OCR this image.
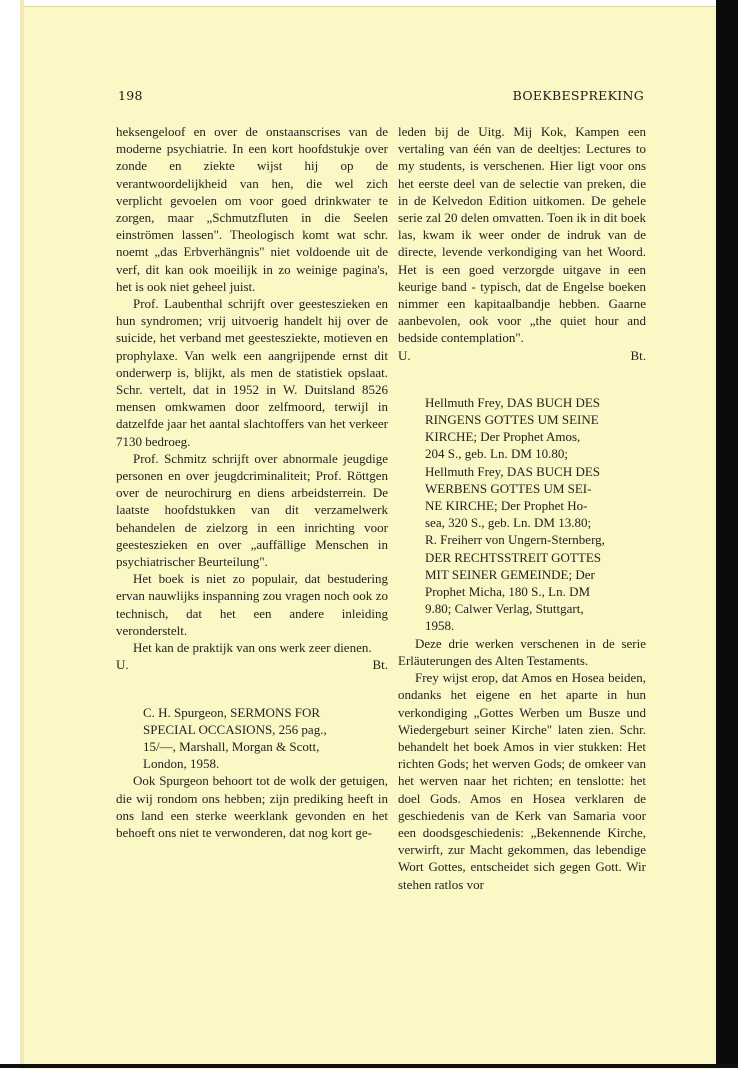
198	BOEKBESPREKING

heksengeloof en over de onstaanscrises van de moderne psychiatrie. In een kort hoofdstukje over zonde en ziekte wijst hij op de verantwoordelijkheid van hen, die wel zich verplicht gevoelen om voor goed drinkwater te zorgen, maar „Schmutzfluten in die Seelen einströmen lassen". Theologisch komt wat schr. noemt „das Erbverhängnis" niet voldoende uit de verf, dit kan ook moeilijk in zo weinige pagina's, het is ook niet geheel juist.

Prof. Laubenthal schrijft over geesteszieken en hun syndromen; vrij uitvoerig handelt hij over de suicide, het verband met geestesziekte, motieven en prophylaxe. Van welk een aangrijpende ernst dit onderwerp is, blijkt, als men de statistiek opslaat. Schr. vertelt, dat in 1952 in W. Duitsland 8526 mensen omkwamen door zelfmoord, terwijl in datzelfde jaar het aantal slachtoffers van het verkeer 7130 bedroeg.

Prof. Schmitz schrijft over abnormale jeugdige personen en over jeugdcriminaliteit; Prof. Röttgen over de neurochirurg en diens arbeidsterrein. De laatste hoofdstukken van dit verzamelwerk behandelen de zielzorg in een inrichting voor geesteszieken en over „auffällige Menschen in psychiatrischer Beurteilung".

Het boek is niet zo populair, dat bestudering ervan nauwlijks inspanning zou vragen noch ook zo technisch, dat het een andere inleiding veronderstelt.

Het kan de praktijk van ons werk zeer dienen.

U.	Bt.
C. H. Spurgeon, SERMONS FOR
SPECIAL OCCASIONS, 256 pag.,
15/—, Marshall, Morgan & Scott,
London, 1958.

Ook Spurgeon behoort tot de wolk der getuigen, die wij rondom ons hebben; zijn prediking heeft in ons land een sterke weerklank gevonden en het behoeft ons niet te verwonderen, dat nog kort ge-

leden bij de Uitg. Mij Kok, Kampen een vertaling van één van de deeltjes: Lectures to my students, is verschenen. Hier ligt voor ons het eerste deel van de selectie van preken, die in de Kelvedon Edition uitkomen. De gehele serie zal 20 delen omvatten. Toen ik in dit boek las, kwam ik weer onder de indruk van de directe, levende verkondiging van het Woord. Het is een goed verzorgde uitgave in een keurige band - typisch, dat de Engelse boeken nimmer een kapitaalbandje hebben. Gaarne aanbevolen, ook voor „the quiet hour and bedside contemplation".

U.	Bt.
Hellmuth Frey, DAS BUCH DES
RINGENS GOTTES UM SEINE
KIRCHE; Der Prophet Amos,
204 S., geb. Ln. DM 10.80;
Hellmuth Frey, DAS BUCH DES
WERBENS GOTTES UM SEI-
NE KIRCHE; Der Prophet Ho-
sea, 320 S., geb. Ln. DM 13.80;
R. Freiherr von Ungern-Sternberg,
DER RECHTSSTREIT GOTTES
MIT SEINER GEMEINDE; Der
Prophet Micha, 180 S., Ln. DM
9.80; Calwer Verlag, Stuttgart,
1958.

Deze drie werken verschenen in de serie Erläuterungen des Alten Testaments.

Frey wijst erop, dat Amos en Hosea beiden, ondanks het eigene en het aparte in hun verkondiging „Gottes Werben um Busze und Wiedergeburt seiner Kirche" laten zien. Schr. behandelt het boek Amos in vier stukken: Het richten Gods; het werven Gods; de omkeer van het werven naar het richten; en tenslotte: het doel Gods. Amos en Hosea verklaren de geschiedenis van de Kerk van Samaria voor een doodsgeschiedenis: „Bekennende Kirche, verwirft, zur Macht gekommen, das lebendige Wort Gottes, entscheidet sich gegen Gott. Wir stehen ratlos vor
